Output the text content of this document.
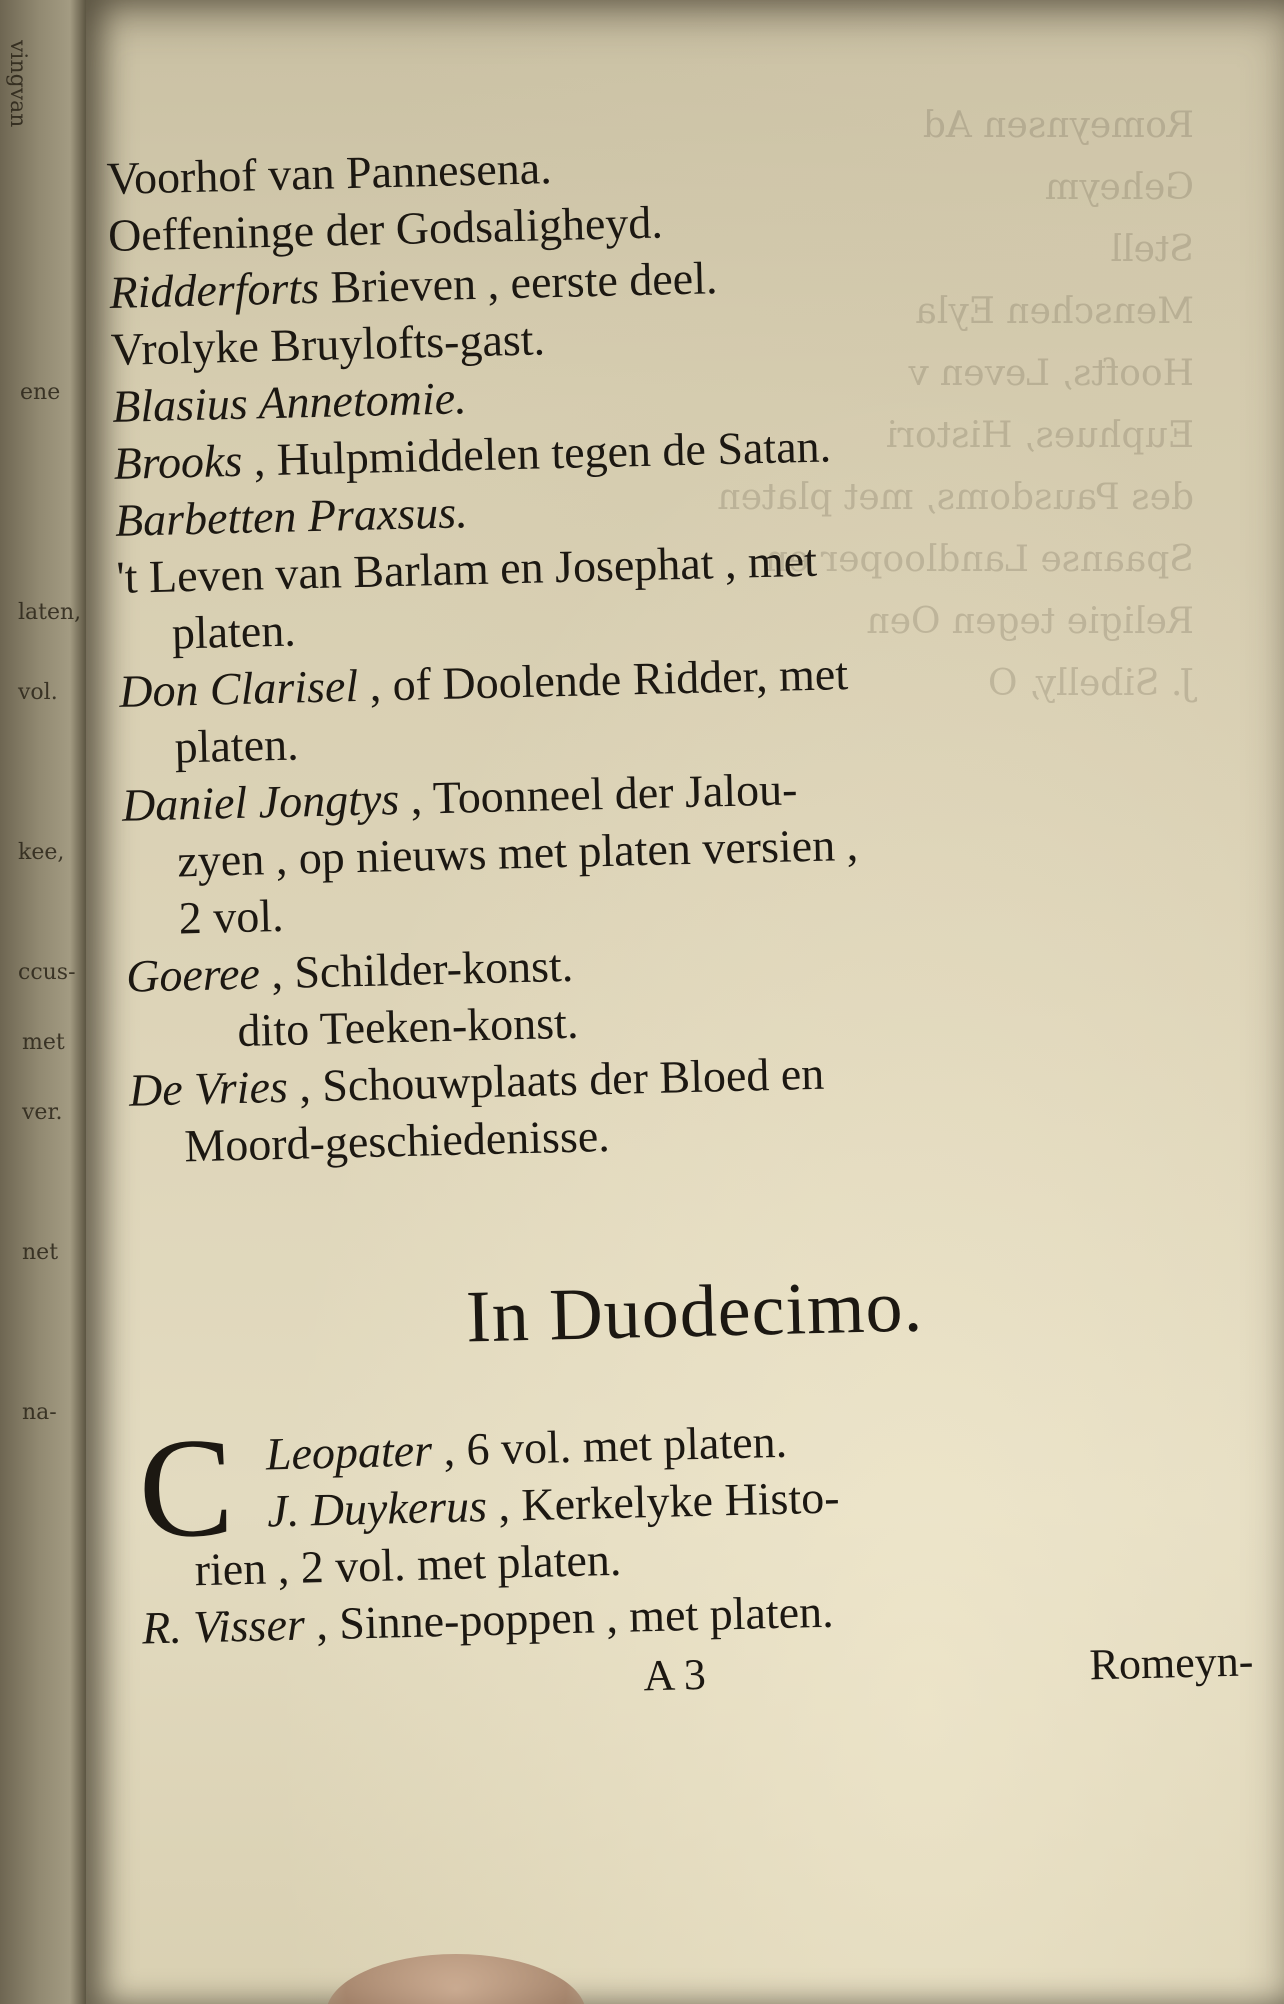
vingvan
ene
laten,
vol.
kee,
ccus-
met
ver.
net
na-
Romeynsen Ad
Geheym
Stell
Menschen Eyla
Hoofts, Leven v
Euphues, Histori
des Pausdoms, met platen
Spaanse Landlooper en
Religie tegen Oen
J. Sibelly, O
Voorhof van Pannesena.
Oeffeninge der Godsaligheyd.
Ridderforts Brieven , eerste deel.
Vrolyke Bruylofts-gast.
Blasius Annetomie.
Brooks , Hulpmiddelen tegen de Satan.
Barbetten Praxsus.
't Leven van Barlam en Josephat , met
platen.
Don Clarisel , of Doolende Ridder, met
platen.
Daniel Jongtys , Toonneel der Jalou-
zyen , op nieuws met platen versien ,
2 vol.
Goeree , Schilder-konst.
dito Teeken-konst.
De Vries , Schouwplaats der Bloed en
Moord-geschiedenisse.
In Duodecimo.
C Leopater , 6 vol. met platen.
J. Duykerus , Kerkelyke Histo-
rien , 2 vol. met platen.
R. Visser , Sinne-poppen , met platen.
A 3	Romeyn-
